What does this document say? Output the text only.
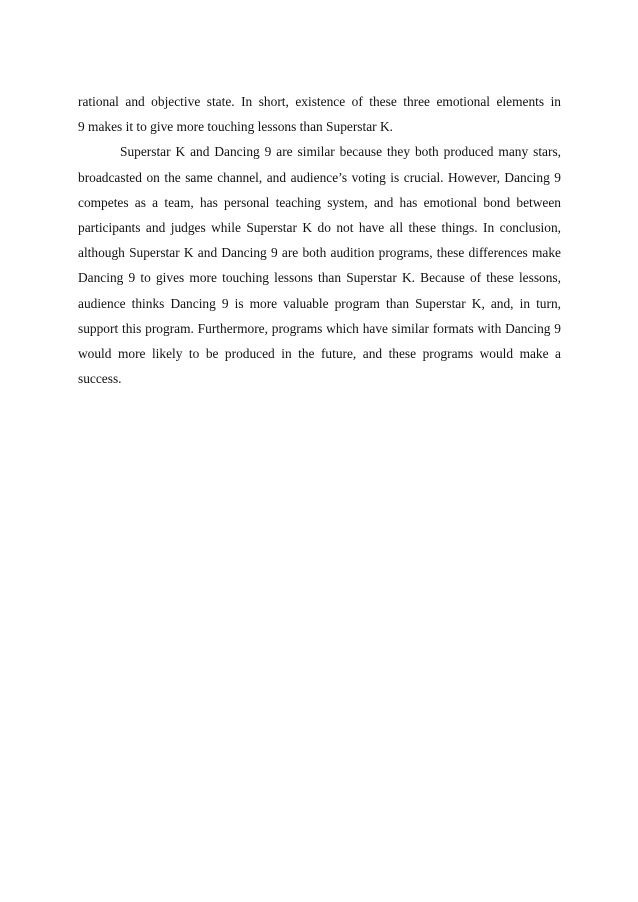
rational and objective state. In short, existence of these three emotional elements in
9 makes it to give more touching lessons than Superstar K.
Superstar K and Dancing 9 are similar because they both produced many stars,
broadcasted on the same channel, and audience’s voting is crucial. However, Dancing 9
competes as a team, has personal teaching system, and has emotional bond between
participants and judges while Superstar K do not have all these things. In conclusion,
although Superstar K and Dancing 9 are both audition programs, these differences make
Dancing 9 to gives more touching lessons than Superstar K. Because of these lessons,
audience thinks Dancing 9 is more valuable program than Superstar K, and, in turn,
support this program. Furthermore, programs which have similar formats with Dancing 9
would more likely to be produced in the future, and these programs would make a
success.
